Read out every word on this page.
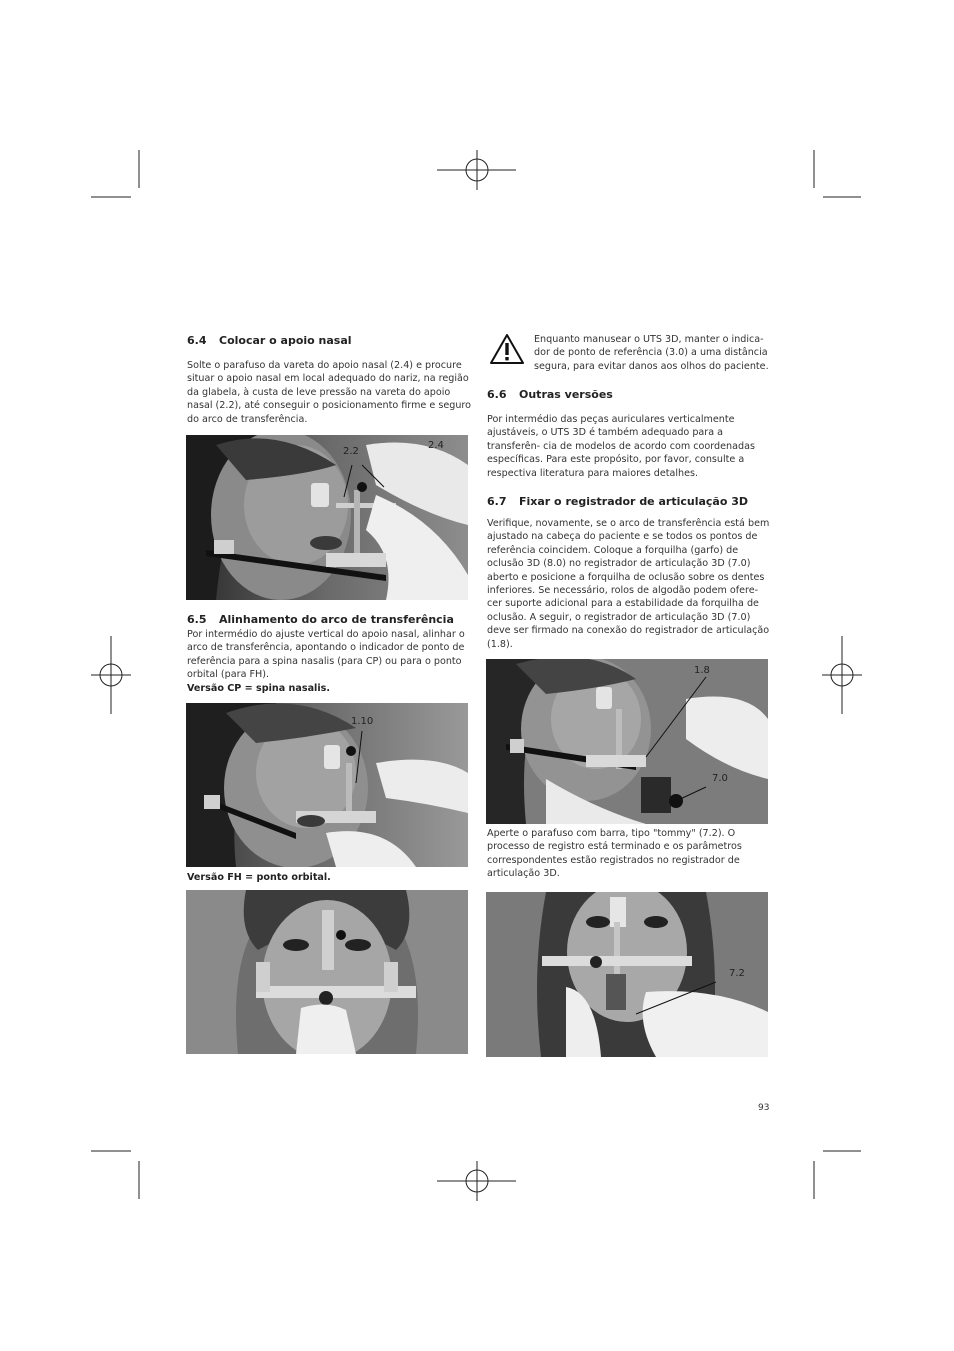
6.4 Colocar o apoio nasal

Solte o parafuso da vareta do apoio nasal (2.4) e procure situar o apoio nasal em local adequado do nariz, na região da glabela, à custa de leve pressão na vareta do apoio nasal (2.2), até conseguir o posicionamento firme e seguro do arco de transferência.

2.2
2.4
6.5 Alinhamento do arco de transferência

Por intermédio do ajuste vertical do apoio nasal, alinhar o arco de transferência, apontando o indicador de ponto de referência para a spina nasalis (para CP) ou para o ponto orbital (para FH).

Versão CP = spina nasalis.

1.10

Versão FH = ponto orbital.

Enquanto manusear o UTS 3D, manter o indica- dor de ponto de referência (3.0) a uma distância segura, para evitar danos aos olhos do paciente.

6.6 Outras versões

Por intermédio das peças auriculares verticalmente ajustáveis, o UTS 3D é também adequado para a transferên- cia de modelos de acordo com coordenadas específicas. Para este propósito, por favor, consulte a respectiva literatura para maiores detalhes.

6.7 Fixar o registrador de articulação 3D

Verifique, novamente, se o arco de transferência está bem ajustado na cabeça do paciente e se todos os pontos de referência coincidem. Coloque a forquilha (garfo) de oclusão 3D (8.0) no registrador de articulação 3D (7.0) aberto e posicione a forquilha de oclusão sobre os dentes inferiores. Se necessário, rolos de algodão podem ofere- cer suporte adicional para a estabilidade da forquilha de oclusão. A seguir, o registrador de articulação 3D (7.0) deve ser firmado na conexão do registrador de articulação (1.8).

1.8
7.0

Aperte o parafuso com barra, tipo "tommy" (7.2). O processo de registro está terminado e os parâmetros correspondentes estão registrados no registrador de articulação 3D.

7.2
93
